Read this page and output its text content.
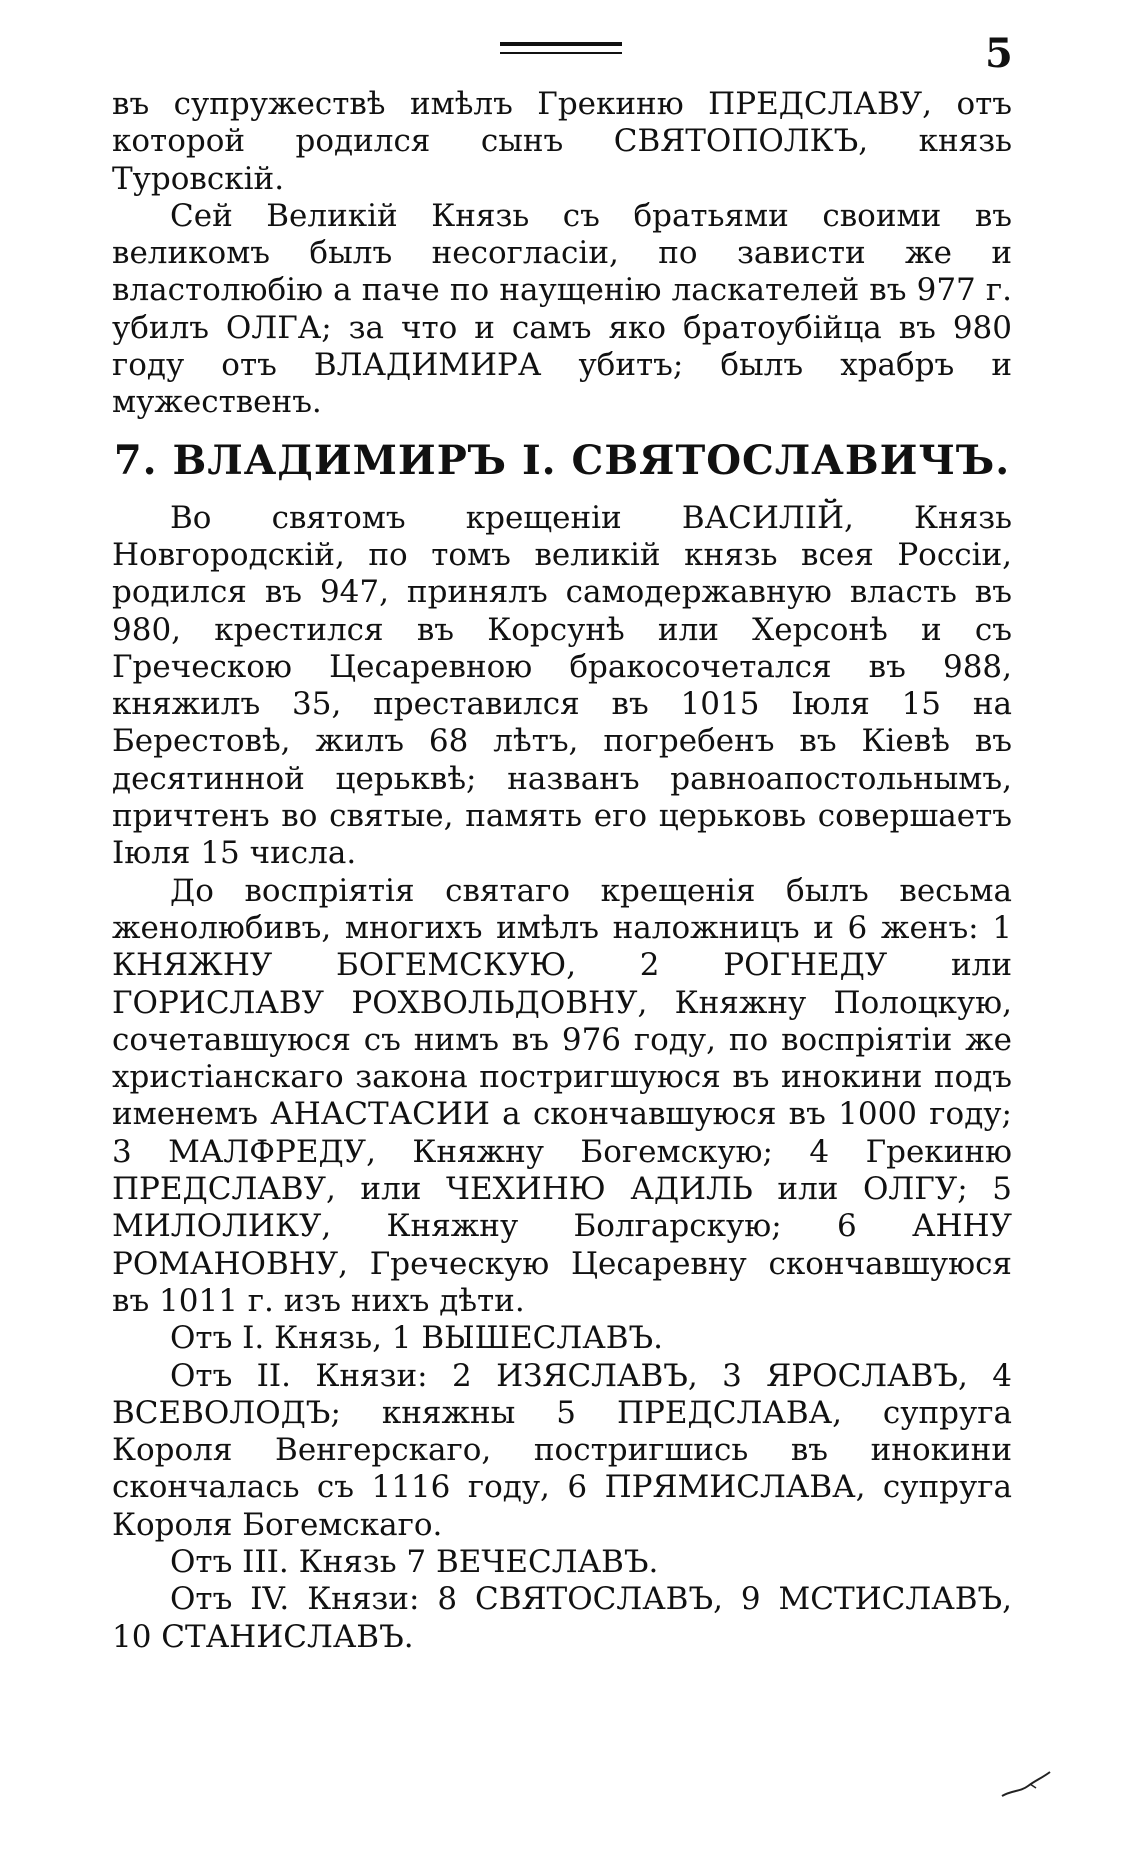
5

въ супружествѣ имѣлъ Грекиню ПРЕДСЛАВУ, отъ которой родился сынъ СВЯТОПОЛКЪ, князь Туровскій.

Сей Великій Князь съ братьями своими въ великомъ былъ несогласіи, по зависти же и властолюбію а паче по наущенію ласкателей въ 977 г. убилъ ОЛГА; за что и самъ яко братоубійца въ 980 году отъ ВЛАДИМИРА убитъ; былъ храбръ и мужественъ.

7. ВЛАДИМИРЪ I. СВЯТОСЛАВИЧЪ.

Во святомъ крещеніи ВАСИЛІЙ, Князь Новгородскій, по томъ великій князь всея Россіи, родился въ 947, принялъ самодержавную власть въ 980, крестился въ Корсунѣ или Херсонѣ и съ Греческою Цесаревною бракосочетался въ 988, княжилъ 35, преставился въ 1015 Іюля 15 на Берестовѣ, жилъ 68 лѣтъ, погребенъ въ Кіевѣ въ десятинной церьквѣ; названъ равноапостольнымъ, причтенъ во святые, память его церьковь совершаетъ Іюля 15 числа.

До воспріятія святаго крещенія былъ весьма женолюбивъ, многихъ имѣлъ наложницъ и 6 женъ: 1 КНЯЖНУ БОГЕМСКУЮ, 2 РОГНЕДУ или ГОРИСЛАВУ РОХВОЛЬДОВНУ, Княжну Полоцкую, сочетавшуюся съ нимъ въ 976 году, по воспріятіи же христіанскаго закона постригшуюся въ инокини подъ именемъ АНАСТАСИИ а скончавшуюся въ 1000 году; 3 МАЛФРЕДУ, Княжну Богемскую; 4 Грекиню ПРЕДСЛАВУ, или ЧЕХИНЮ АДИЛЬ или ОЛГУ; 5 МИЛОЛИКУ, Княжну Болгарскую; 6 АННУ РОМАНОВНУ, Греческую Цесаревну скончавшуюся въ 1011 г. изъ нихъ дѣти.

Отъ I. Князь, 1 ВЫШЕСЛАВЪ.

Отъ II. Князи: 2 ИЗЯСЛАВЪ, 3 ЯРОСЛАВЪ, 4 ВСЕВОЛОДЪ; княжны 5 ПРЕДСЛАВА, супруга Короля Венгерскаго, постригшись въ инокини скончалась съ 1116 году, 6 ПРЯМИСЛАВА, супруга Короля Богемскаго.

Отъ III. Князь 7 ВЕЧЕСЛАВЪ.

Отъ IV. Князи: 8 СВЯТОСЛАВЪ, 9 МСТИСЛАВЪ, 10 СТАНИСЛАВЪ.
